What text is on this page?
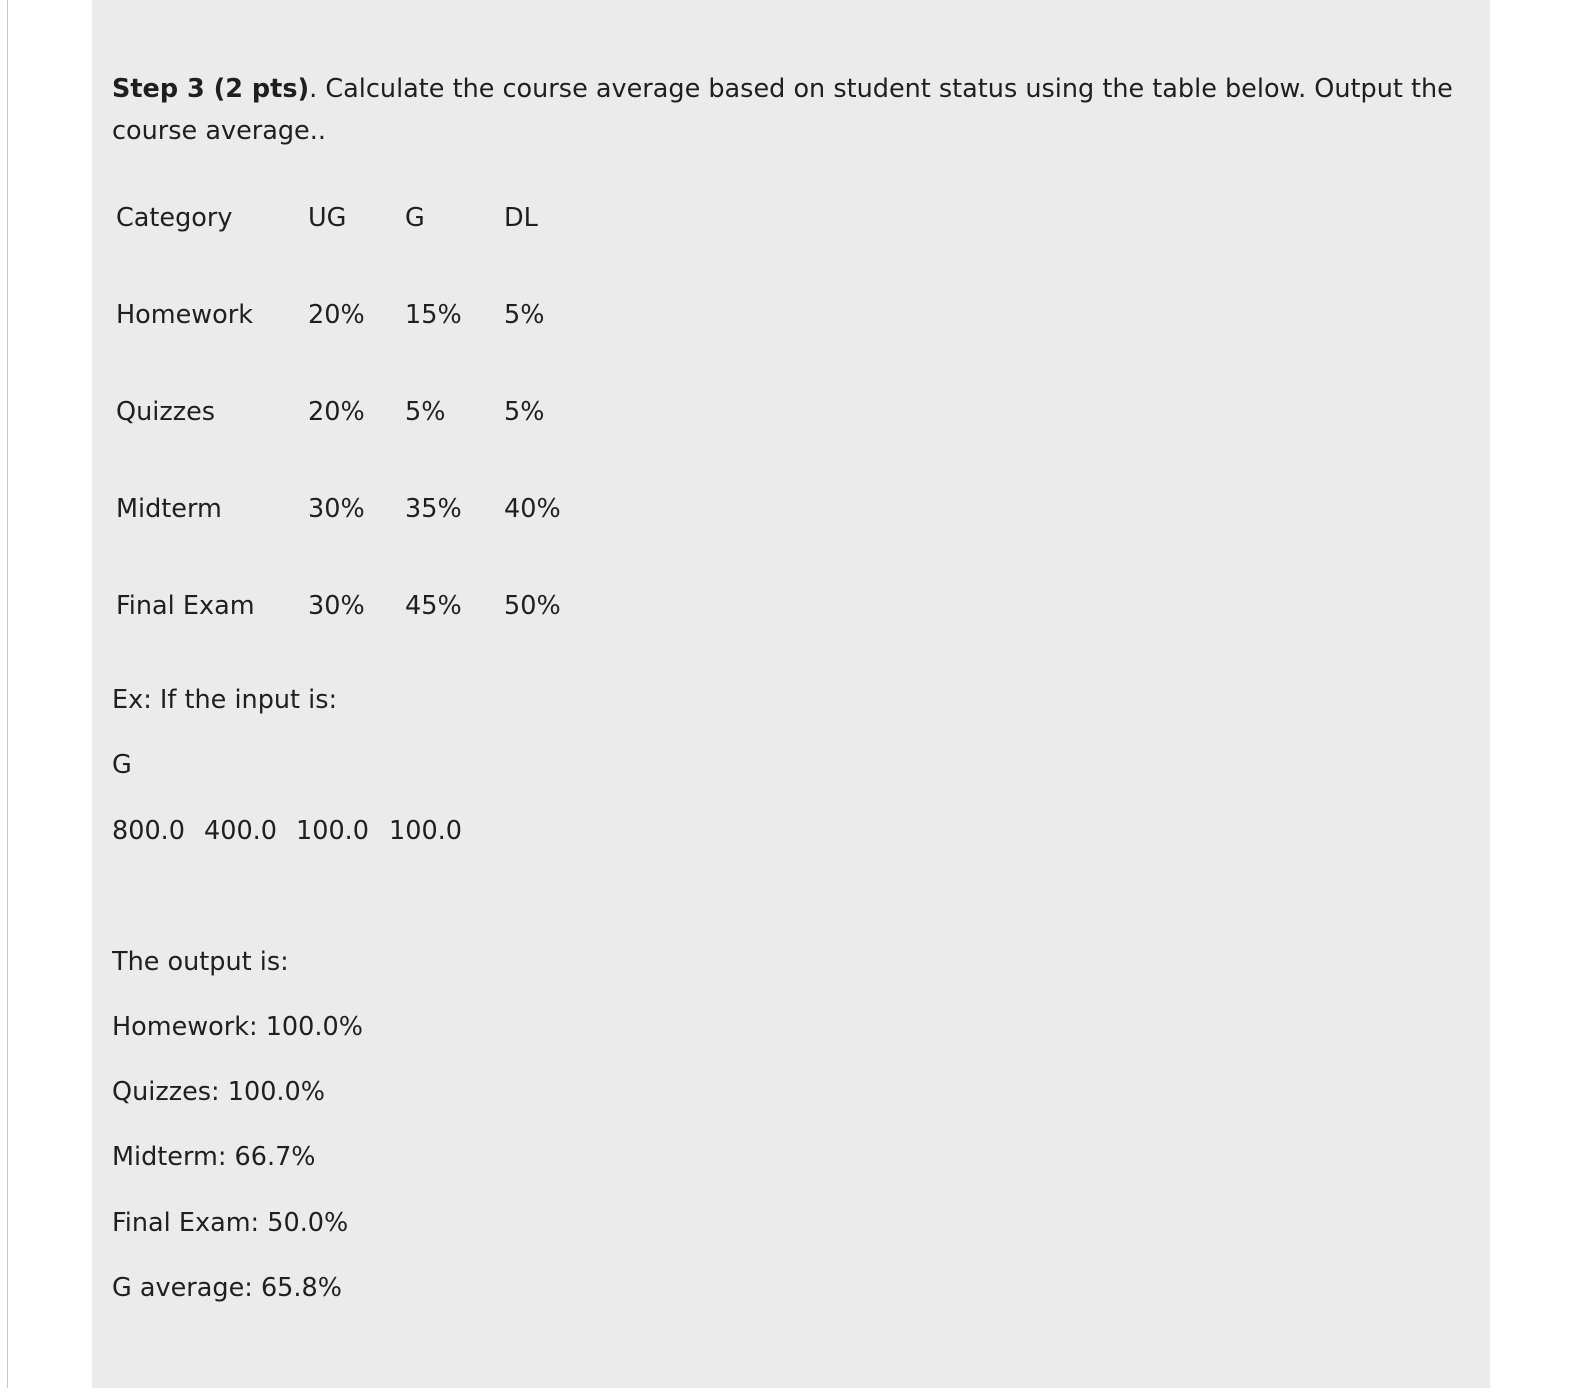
Step 3 (2 pts). Calculate the course average based on student status using the table below. Output the course average..
Category	UG G	DL
Homework 20% 15% 5%
Quizzes	20% 5% 5%
Midterm	30% 35% 40%
Final Exam 30% 45% 50%
Ex: If the input is:
G
800.0 400.0 100.0 100.0
The output is:
Homework: 100.0%
Quizzes: 100.0%
Midterm: 66.7%
Final Exam: 50.0%
G average: 65.8%
